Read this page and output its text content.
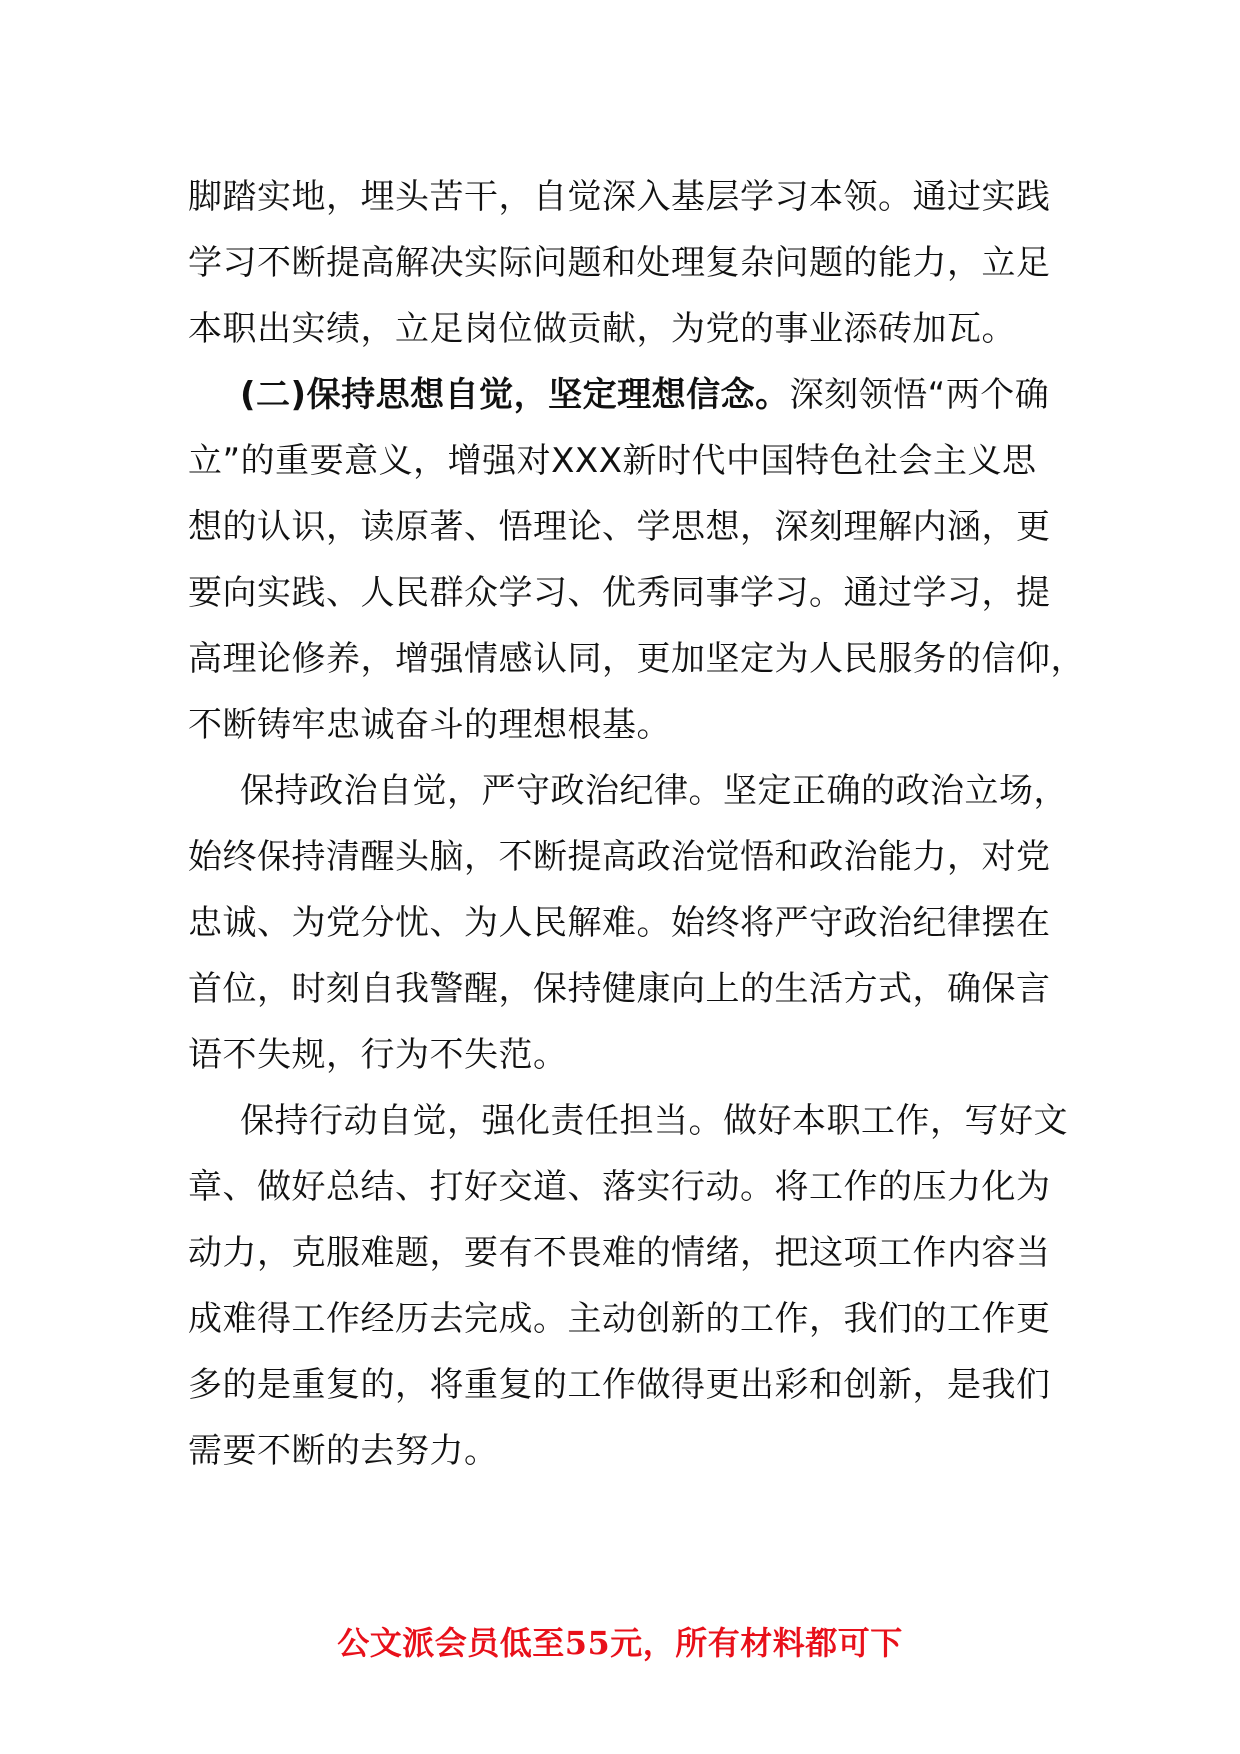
脚踏实地，埋头苦干，自觉深入基层学习本领。通过实践
学习不断提高解决实际问题和处理复杂问题的能力，立足
本职出实绩，立足岗位做贡献，为党的事业添砖加瓦。

(二)保持思想自觉，坚定理想信念。深刻领悟“两个确
立”的重要意义，增强对XXX新时代中国特色社会主义思
想的认识，读原著、悟理论、学思想，深刻理解内涵，更
要向实践、人民群众学习、优秀同事学习。通过学习，提
高理论修养，增强情感认同，更加坚定为人民服务的信仰，
不断铸牢忠诚奋斗的理想根基。

保持政治自觉，严守政治纪律。坚定正确的政治立场，
始终保持清醒头脑，不断提高政治觉悟和政治能力，对党
忠诚、为党分忧、为人民解难。始终将严守政治纪律摆在
首位，时刻自我警醒，保持健康向上的生活方式，确保言
语不失规，行为不失范。

保持行动自觉，强化责任担当。做好本职工作，写好文
章、做好总结、打好交道、落实行动。将工作的压力化为
动力，克服难题，要有不畏难的情绪，把这项工作内容当
成难得工作经历去完成。主动创新的工作，我们的工作更
多的是重复的，将重复的工作做得更出彩和创新，是我们
需要不断的去努力。

公文派会员低至55元，所有材料都可下
